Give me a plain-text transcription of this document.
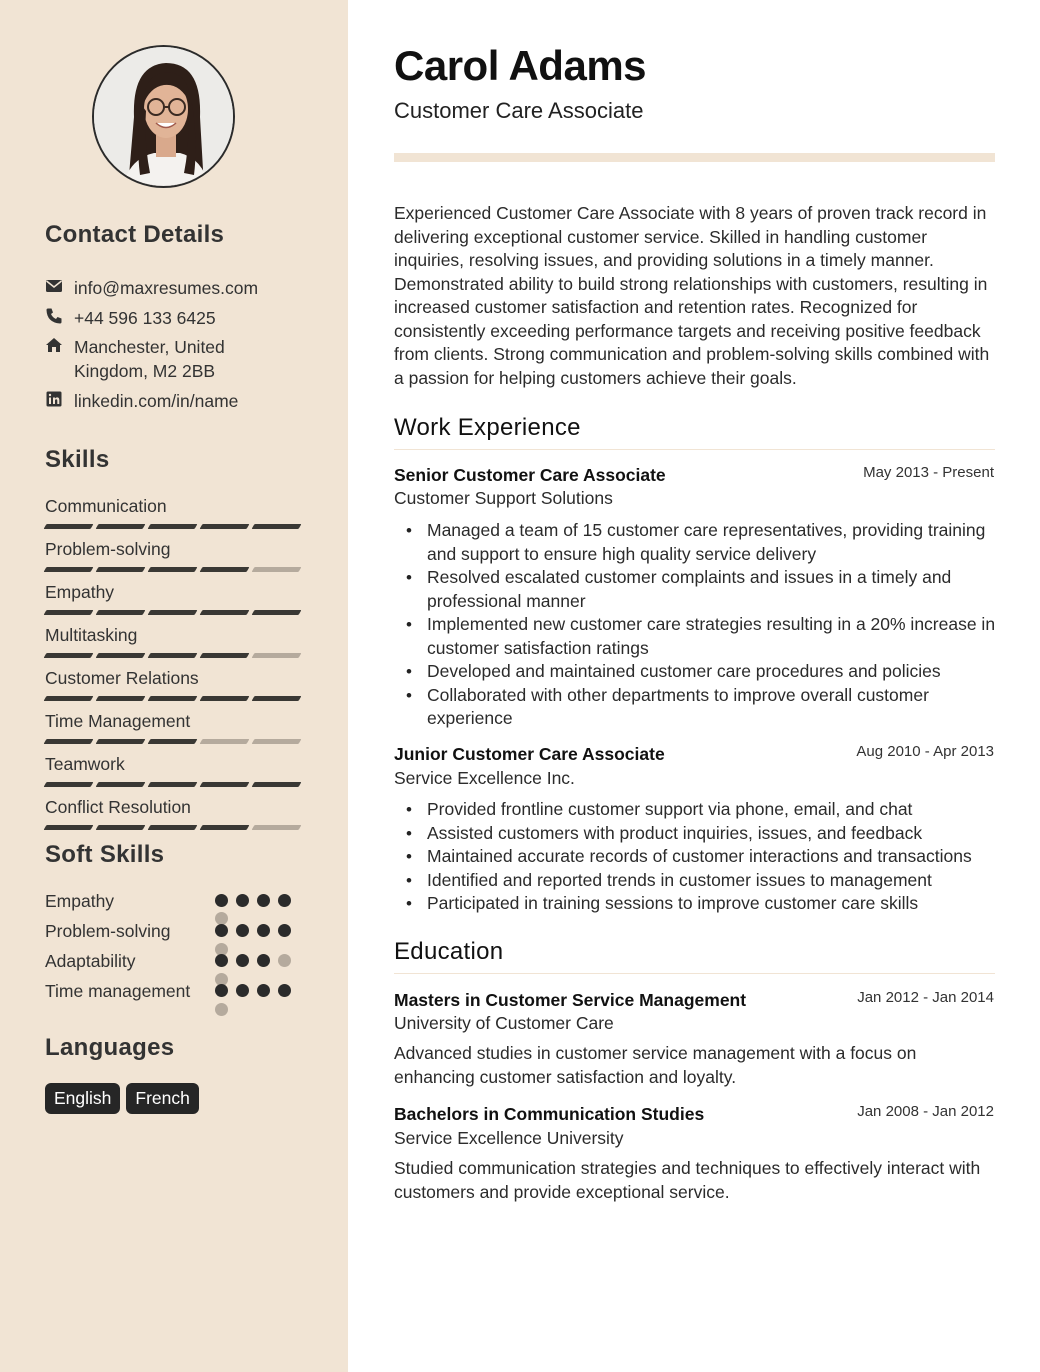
Contact Details
info@maxresumes.com
+44 596 133 6425
Manchester, United
Kingdom, M2 2BB
linkedin.com/in/name
Skills
Communication
Problem-solving
Empathy
Multitasking
Customer Relations
Time Management
Teamwork
Conflict Resolution
Soft Skills
Empathy
Problem-solving
Adaptability
Time management
Languages
English	French
Carol Adams
Customer Care Associate

Experienced Customer Care Associate with 8 years of proven track record in delivering exceptional customer service. Skilled in handling customer inquiries, resolving issues, and providing solutions in a timely manner. Demonstrated ability to build strong relationships with customers, resulting in increased customer satisfaction and retention rates. Recognized for consistently exceeding performance targets and receiving positive feedback from clients. Strong communication and problem-solving skills combined with a passion for helping customers achieve their goals.

Work Experience
Senior Customer Care Associate	May 2013 - Present
Customer Support Solutions
• Managed a team of 15 customer care representatives, providing training and support to ensure high quality service delivery
• Resolved escalated customer complaints and issues in a timely and professional manner
• Implemented new customer care strategies resulting in a 20% increase in customer satisfaction ratings
• Developed and maintained customer care procedures and policies
• Collaborated with other departments to improve overall customer experience
Junior Customer Care Associate	Aug 2010 - Apr 2013
Service Excellence Inc.
• Provided frontline customer support via phone, email, and chat
• Assisted customers with product inquiries, issues, and feedback
• Maintained accurate records of customer interactions and transactions
• Identified and reported trends in customer issues to management
• Participated in training sessions to improve customer care skills
Education
Masters in Customer Service Management	Jan 2012 - Jan 2014
University of Customer Care

Advanced studies in customer service management with a focus on enhancing customer satisfaction and loyalty.

Bachelors in Communication Studies	Jan 2008 - Jan 2012
Service Excellence University

Studied communication strategies and techniques to effectively interact with customers and provide exceptional service.
